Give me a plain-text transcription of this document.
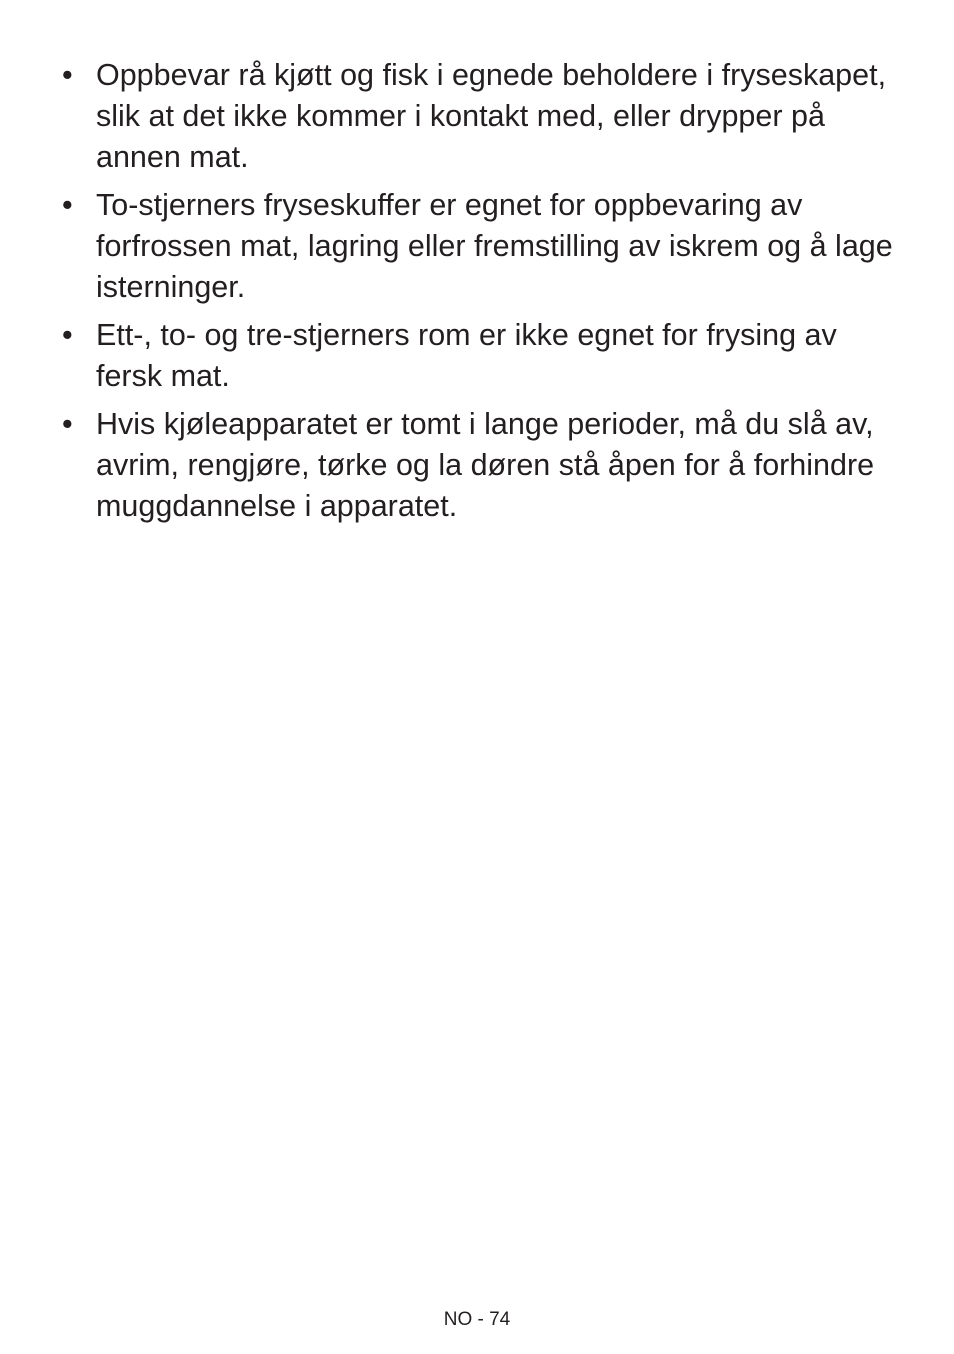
• Oppbevar rå kjøtt og fisk i egnede beholdere i fryseskapet, slik at det ikke kommer i kontakt med, eller drypper på annen mat.
• To-stjerners fryseskuffer er egnet for oppbevaring av forfrossen mat, lagring eller fremstilling av iskrem og å lage isterninger.
• Ett-, to- og tre-stjerners rom er ikke egnet for frysing av fersk mat.
• Hvis kjøleapparatet er tomt i lange perioder, må du slå av, avrim, rengjøre, tørke og la døren stå åpen for å forhindre muggdannelse i apparatet.
NO - 74
